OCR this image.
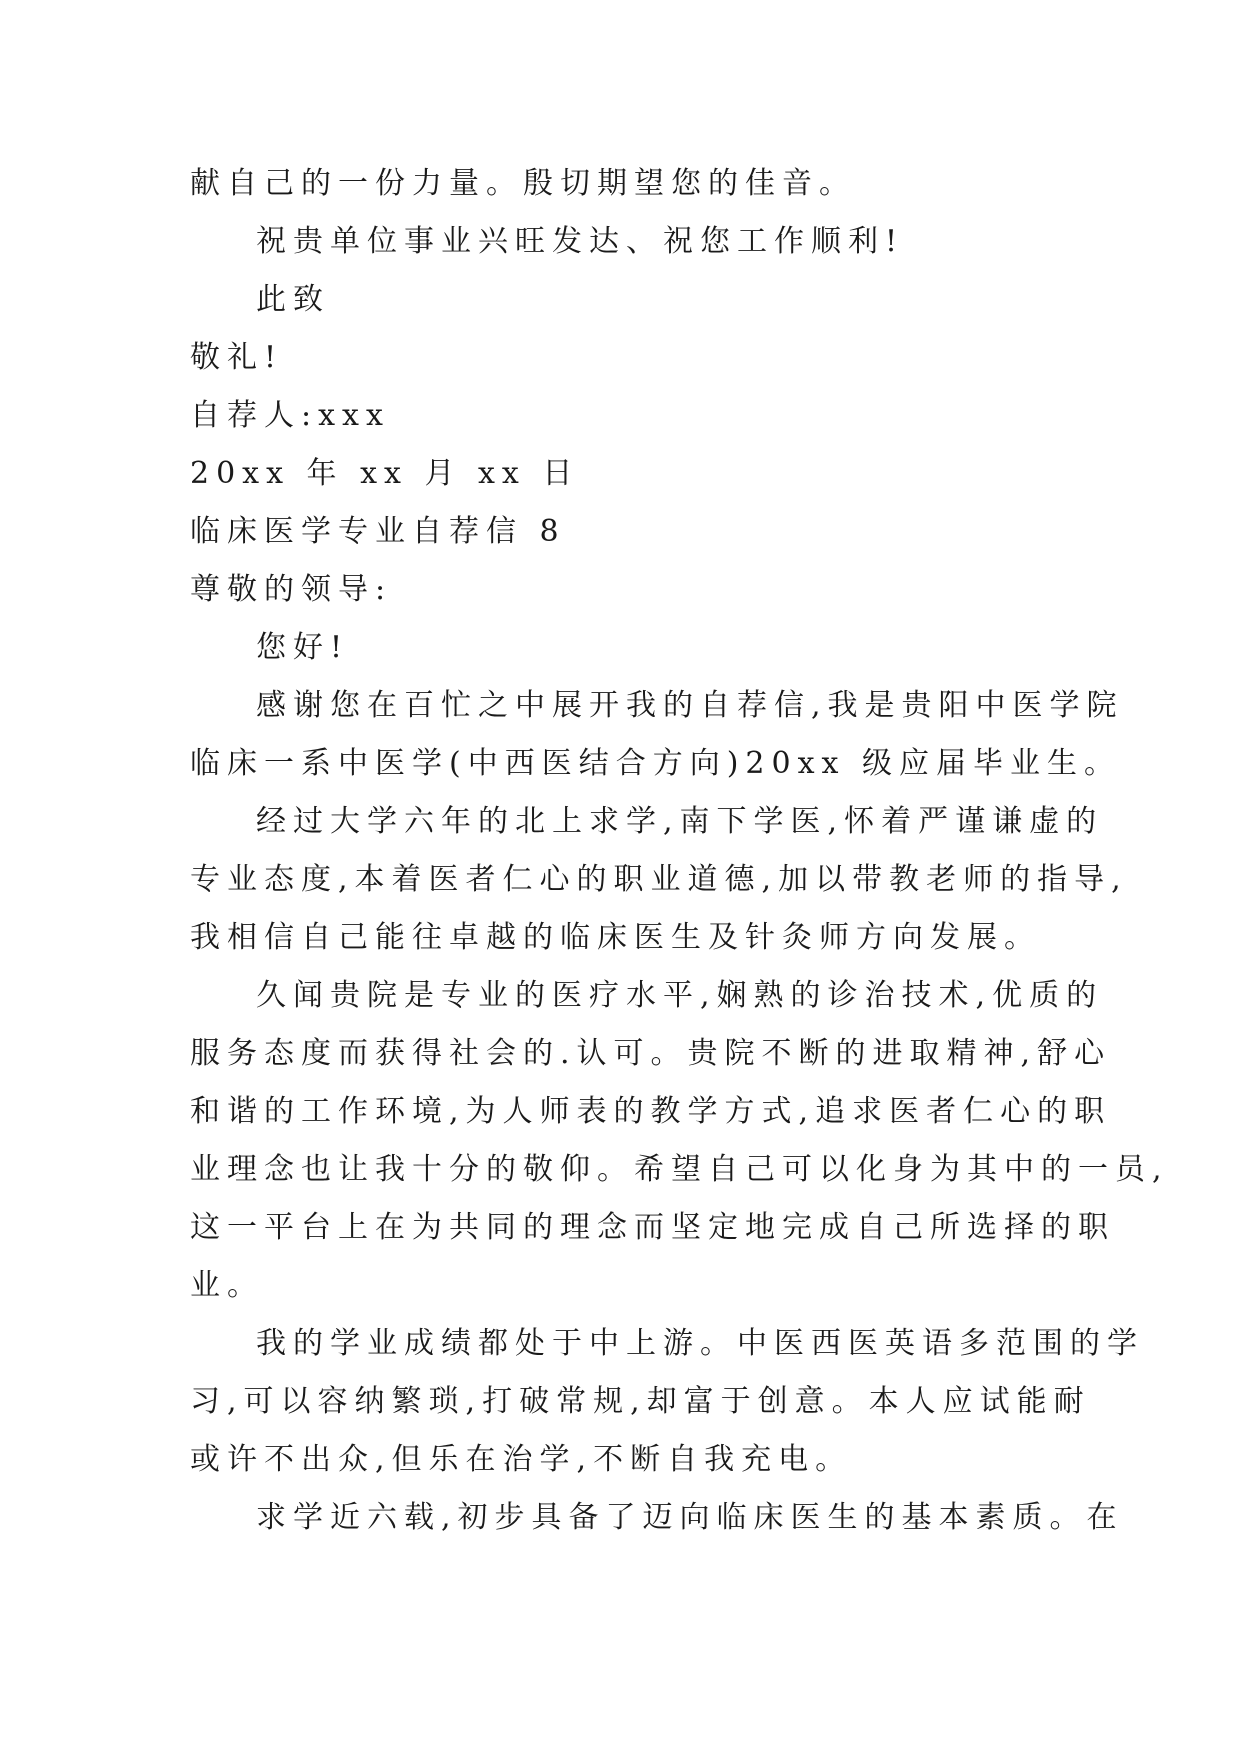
献自己的一份力量。殷切期望您的佳音。
祝贵单位事业兴旺发达、祝您工作顺利!
此致
敬礼!
自荐人:xxx
20xx 年 xx 月 xx 日
临床医学专业自荐信 8
尊敬的领导:
您好!
感谢您在百忙之中展开我的自荐信,我是贵阳中医学院
临床一系中医学(中西医结合方向)20xx 级应届毕业生。
经过大学六年的北上求学,南下学医,怀着严谨谦虚的
专业态度,本着医者仁心的职业道德,加以带教老师的指导,
我相信自己能往卓越的临床医生及针灸师方向发展。
久闻贵院是专业的医疗水平,娴熟的诊治技术,优质的
服务态度而获得社会的.认可。贵院不断的进取精神,舒心
和谐的工作环境,为人师表的教学方式,追求医者仁心的职
业理念也让我十分的敬仰。希望自己可以化身为其中的一员,
这一平台上在为共同的理念而坚定地完成自己所选择的职
业。
我的学业成绩都处于中上游。中医西医英语多范围的学
习,可以容纳繁琐,打破常规,却富于创意。本人应试能耐
或许不出众,但乐在治学,不断自我充电。
求学近六载,初步具备了迈向临床医生的基本素质。在
